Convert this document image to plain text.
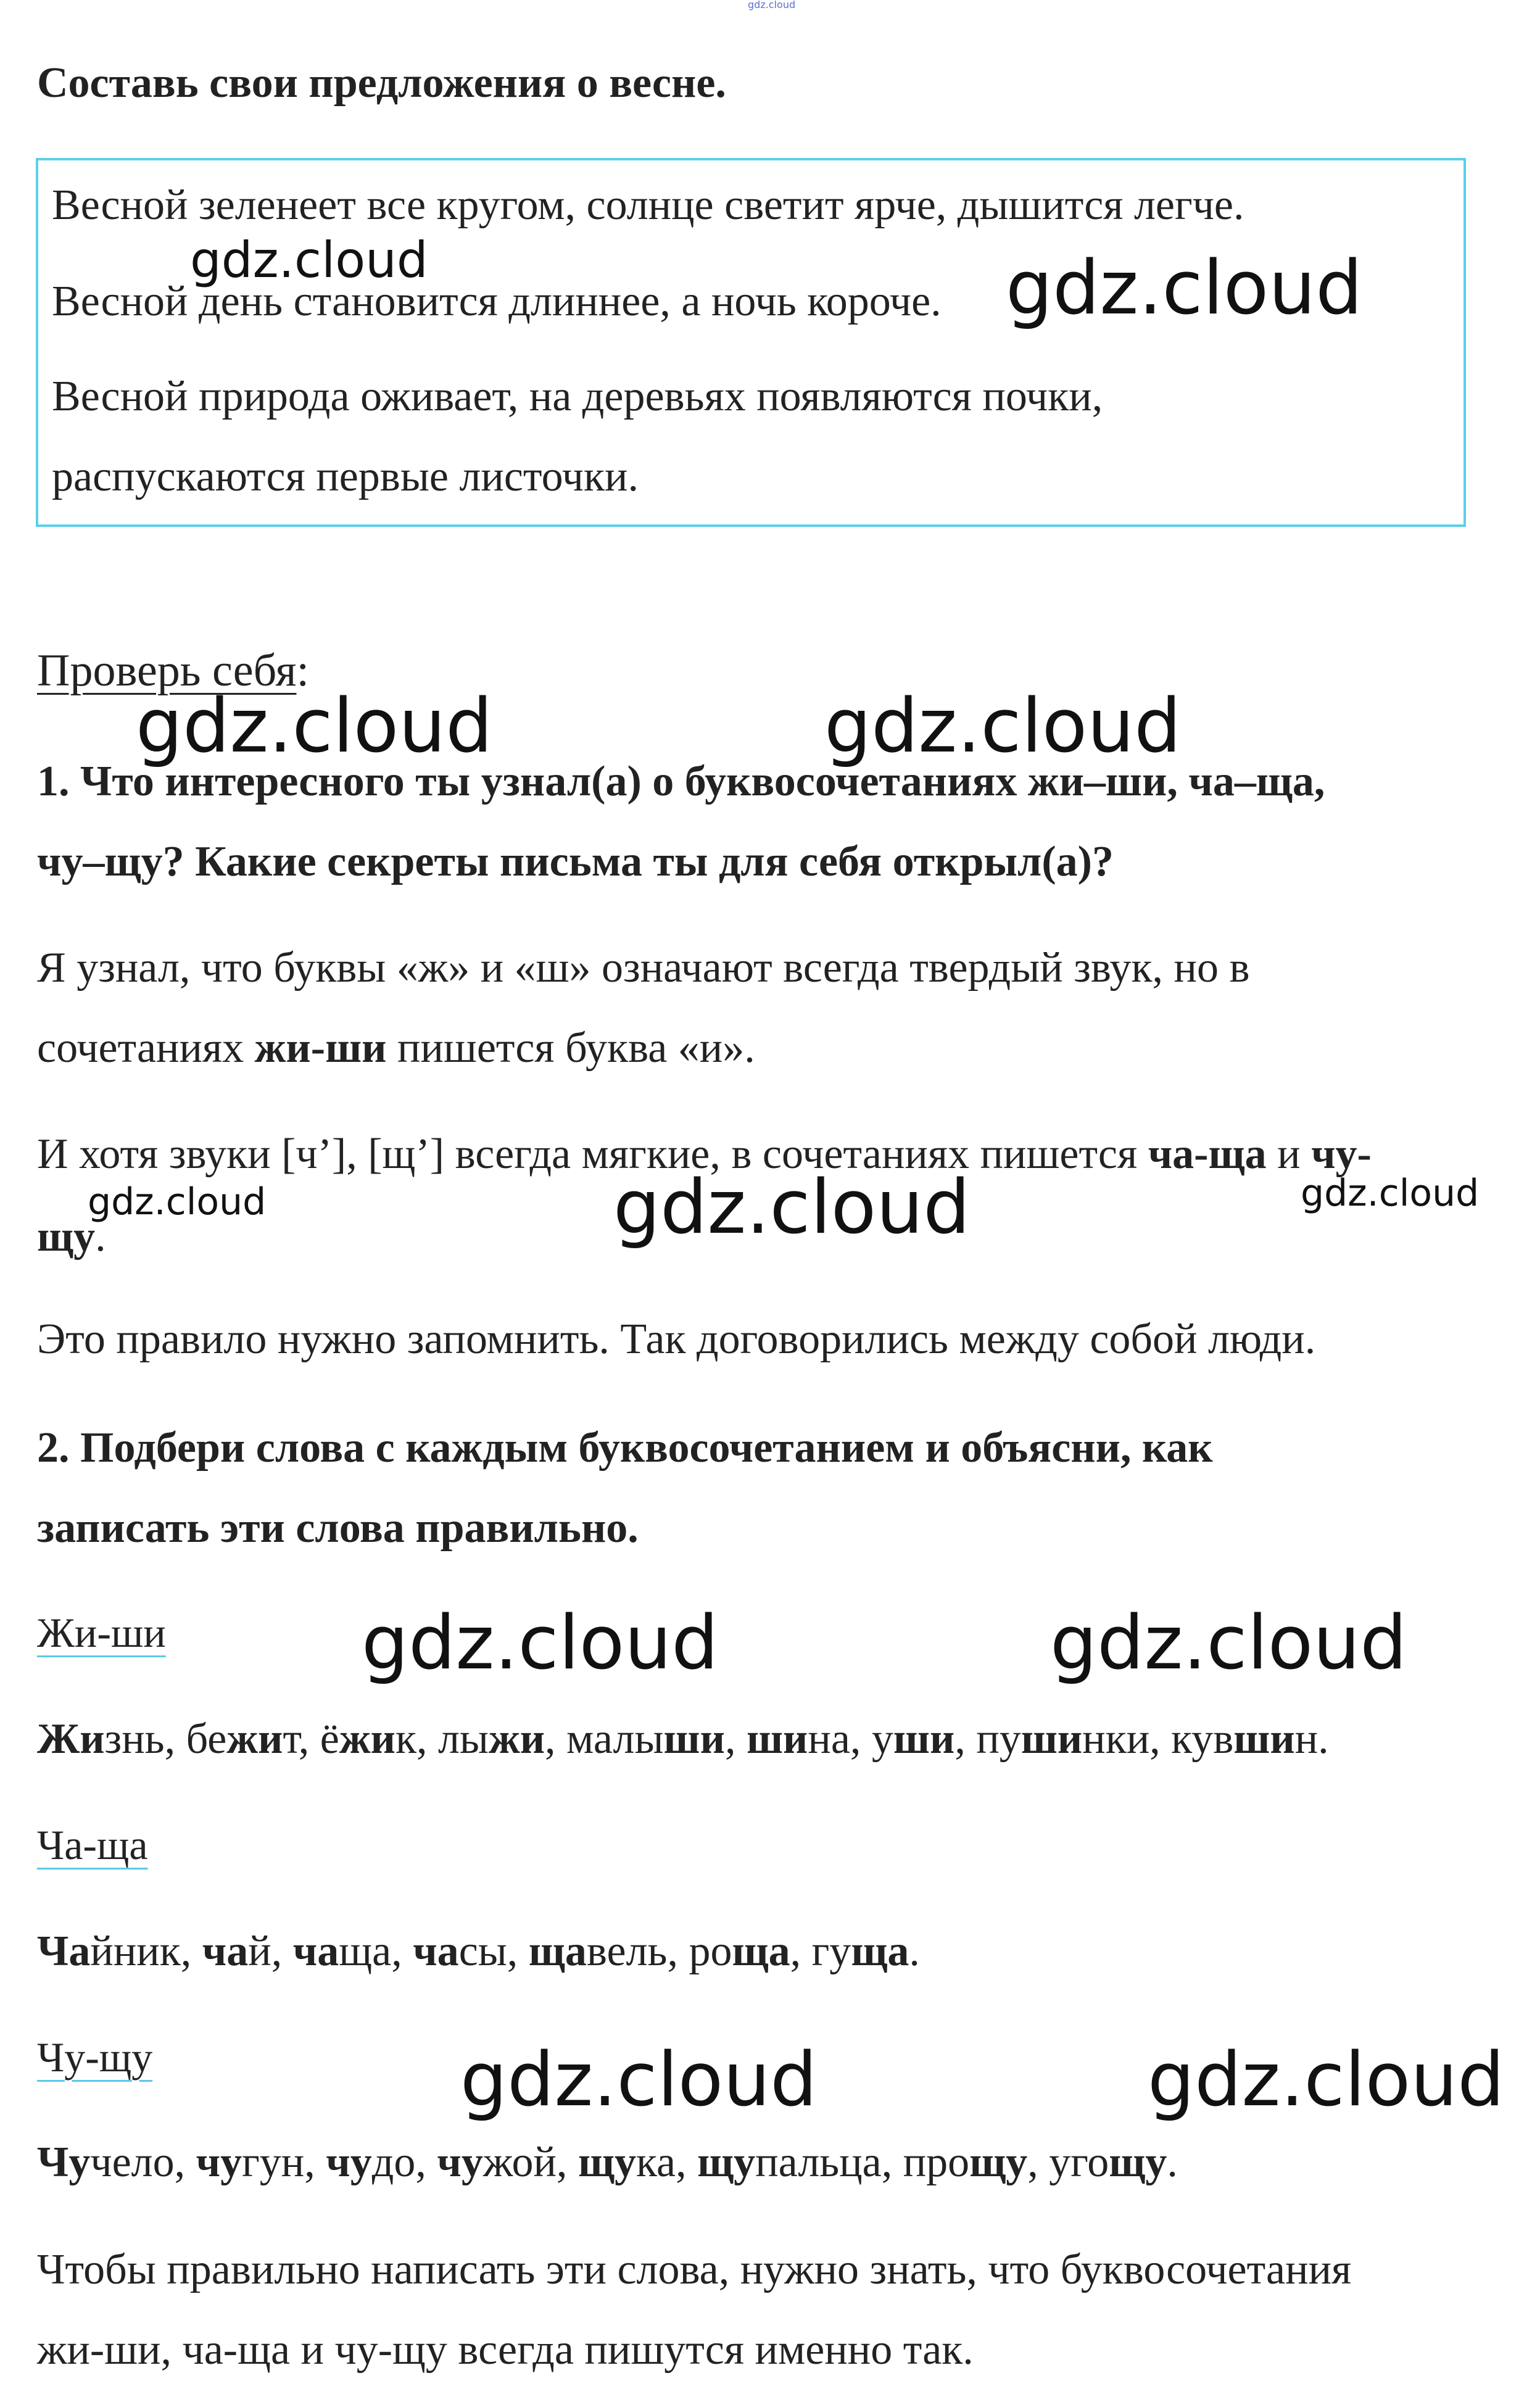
gdz.cloud
Составь свои предложения о весне.
Весной зеленеет все кругом, солнце светит ярче, дышится легче.
Весной день становится длиннее, а ночь короче.
Весной природа оживает, на деревьях появляются почки,
распускаются первые листочки.
Проверь себя:
1. Что интересного ты узнал(а) о буквосочетаниях жи–ши, ча–ща,
чу–щу? Какие секреты письма ты для себя открыл(а)?
Я узнал, что буквы «ж» и «ш» означают всегда твердый звук, но в
сочетаниях жи-ши пишется буква «и».
И хотя звуки [ч’], [щ’] всегда мягкие, в сочетаниях пишется ча-ща и чу-
щу.
Это правило нужно запомнить. Так договорились между собой люди.
2. Подбери слова с каждым буквосочетанием и объясни, как
записать эти слова правильно.
Жи-ши
Жизнь, бежит, ёжик, лыжи, малыши, шина, уши, пушинки, кувшин.
Ча-ща
Чайник, чай, чаща, часы, щавель, роща, гуща.
Чу-щу
Чучело, чугун, чудо, чужой, щука, щупальца, прощу, угощу.
Чтобы правильно написать эти слова, нужно знать, что буквосочетания
жи-ши, ча-ща и чу-щу всегда пишутся именно так.
gdz.cloud	gdz.cloud
gdz.cloud	gdz.cloud
gdz.cloud	gdz.cloud	gdz.cloud
gdz.cloud	gdz.cloud
gdz.cloud	gdz.cloud
